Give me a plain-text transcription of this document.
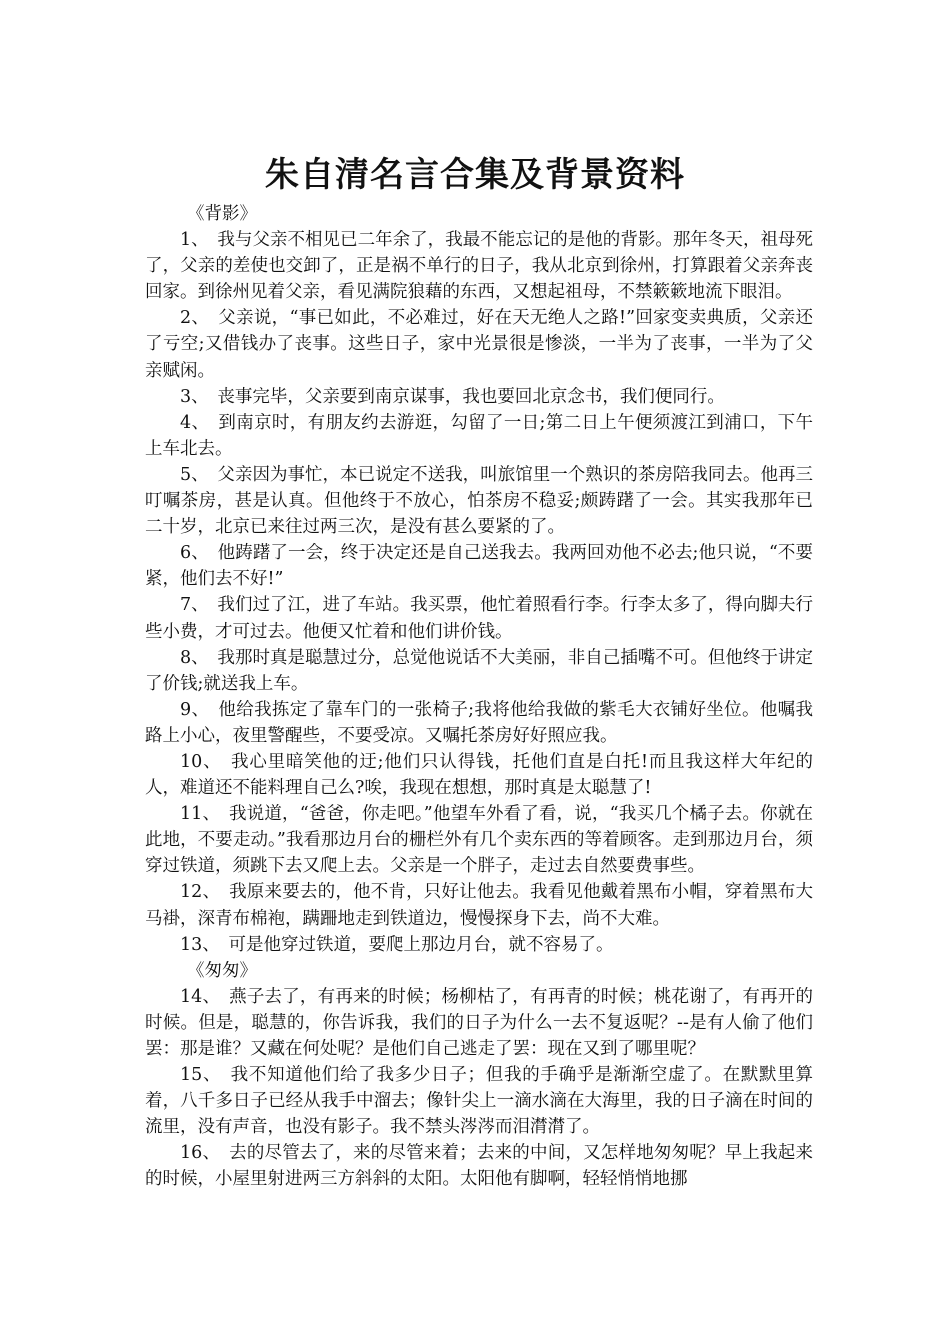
朱自清名言合集及背景资料

《背影》

1、　我与父亲不相见已二年余了，我最不能忘记的是他的背影。那年冬天，祖母死了，父亲的差使也交卸了，正是祸不单行的日子，我从北京到徐州，打算跟着父亲奔丧回家。到徐州见着父亲，看见满院狼藉的东西，又想起祖母，不禁簌簌地流下眼泪。

2、　父亲说，“事已如此，不必难过，好在天无绝人之路!”回家变卖典质，父亲还了亏空;又借钱办了丧事。这些日子，家中光景很是惨淡，一半为了丧事，一半为了父亲赋闲。

3、　丧事完毕，父亲要到南京谋事，我也要回北京念书，我们便同行。

4、　到南京时，有朋友约去游逛，勾留了一日;第二日上午便须渡江到浦口，下午上车北去。

5、　父亲因为事忙，本已说定不送我，叫旅馆里一个熟识的茶房陪我同去。他再三叮嘱茶房，甚是认真。但他终于不放心，怕茶房不稳妥;颇踌躇了一会。其实我那年已二十岁，北京已来往过两三次，是没有甚么要紧的了。

6、　他踌躇了一会，终于决定还是自己送我去。我两回劝他不必去;他只说，“不要紧，他们去不好!”

7、　我们过了江，进了车站。我买票，他忙着照看行李。行李太多了，得向脚夫行些小费，才可过去。他便又忙着和他们讲价钱。

8、　我那时真是聪慧过分，总觉他说话不大美丽，非自己插嘴不可。但他终于讲定了价钱;就送我上车。

9、　他给我拣定了靠车门的一张椅子;我将他给我做的紫毛大衣铺好坐位。他嘱我路上小心，夜里警醒些，不要受凉。又嘱托茶房好好照应我。

10、　我心里暗笑他的迂;他们只认得钱，托他们直是白托!而且我这样大年纪的人，难道还不能料理自己么?唉，我现在想想，那时真是太聪慧了!

11、　我说道，“爸爸，你走吧。”他望车外看了看，说，“我买几个橘子去。你就在此地，不要走动。”我看那边月台的栅栏外有几个卖东西的等着顾客。走到那边月台，须穿过铁道，须跳下去又爬上去。父亲是一个胖子，走过去自然要费事些。

12、　我原来要去的，他不肯，只好让他去。我看见他戴着黑布小帽，穿着黑布大马褂，深青布棉袍，蹒跚地走到铁道边，慢慢探身下去，尚不大难。

13、　可是他穿过铁道，要爬上那边月台，就不容易了。

《匆匆》

14、　燕子去了，有再来的时候；杨柳枯了，有再青的时候；桃花谢了，有再开的时候。但是，聪慧的，你告诉我，我们的日子为什么一去不复返呢？--是有人偷了他们罢：那是谁？又藏在何处呢？是他们自己逃走了罢：现在又到了哪里呢？

15、　我不知道他们给了我多少日子；但我的手确乎是渐渐空虚了。在默默里算着，八千多日子已经从我手中溜去；像针尖上一滴水滴在大海里，我的日子滴在时间的流里，没有声音，也没有影子。我不禁头涔涔而泪潸潸了。

16、　去的尽管去了，来的尽管来着；去来的中间，又怎样地匆匆呢？早上我起来的时候，小屋里射进两三方斜斜的太阳。太阳他有脚啊，轻轻悄悄地挪
